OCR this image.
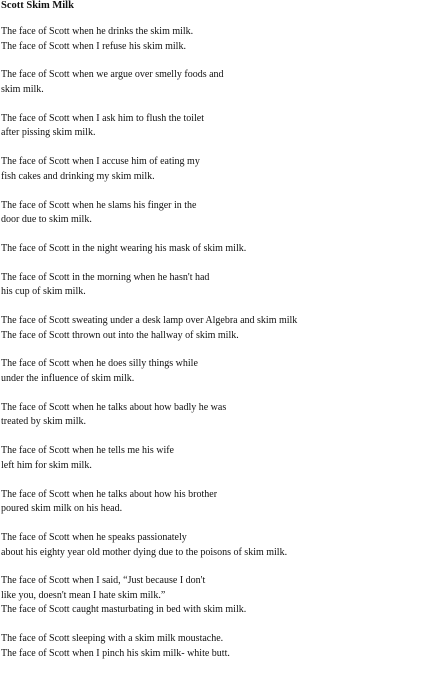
Scott Skim Milk
The face of Scott when he drinks the skim milk.
The face of Scott when I refuse his skim milk.
The face of Scott when we argue over smelly foods and
skim milk.
The face of Scott when I ask him to flush the toilet
after pissing skim milk.
The face of Scott when I accuse him of eating my
fish cakes and drinking my skim milk.
The face of Scott when he slams his finger in the
door due to skim milk.
The face of Scott in the night wearing his mask of skim milk.
The face of Scott in the morning when he hasn't had
his cup of skim milk.
The face of Scott sweating under a desk lamp over Algebra and skim milk
The face of Scott thrown out into the hallway of skim milk.
The face of Scott when he does silly things while
under the influence of skim milk.
The face of Scott when he talks about how badly he was
treated by skim milk.
The face of Scott when he tells me his wife
left him for skim milk.
The face of Scott when he talks about how his brother
poured skim milk on his head.
The face of Scott when he speaks passionately
about his eighty year old mother dying due to the poisons of skim milk.
The face of Scott when I said, “Just because I don't
like you, doesn't mean I hate skim milk.”
The face of Scott caught masturbating in bed with skim milk.
The face of Scott sleeping with a skim milk moustache.
The face of Scott when I pinch his skim milk- white butt.
